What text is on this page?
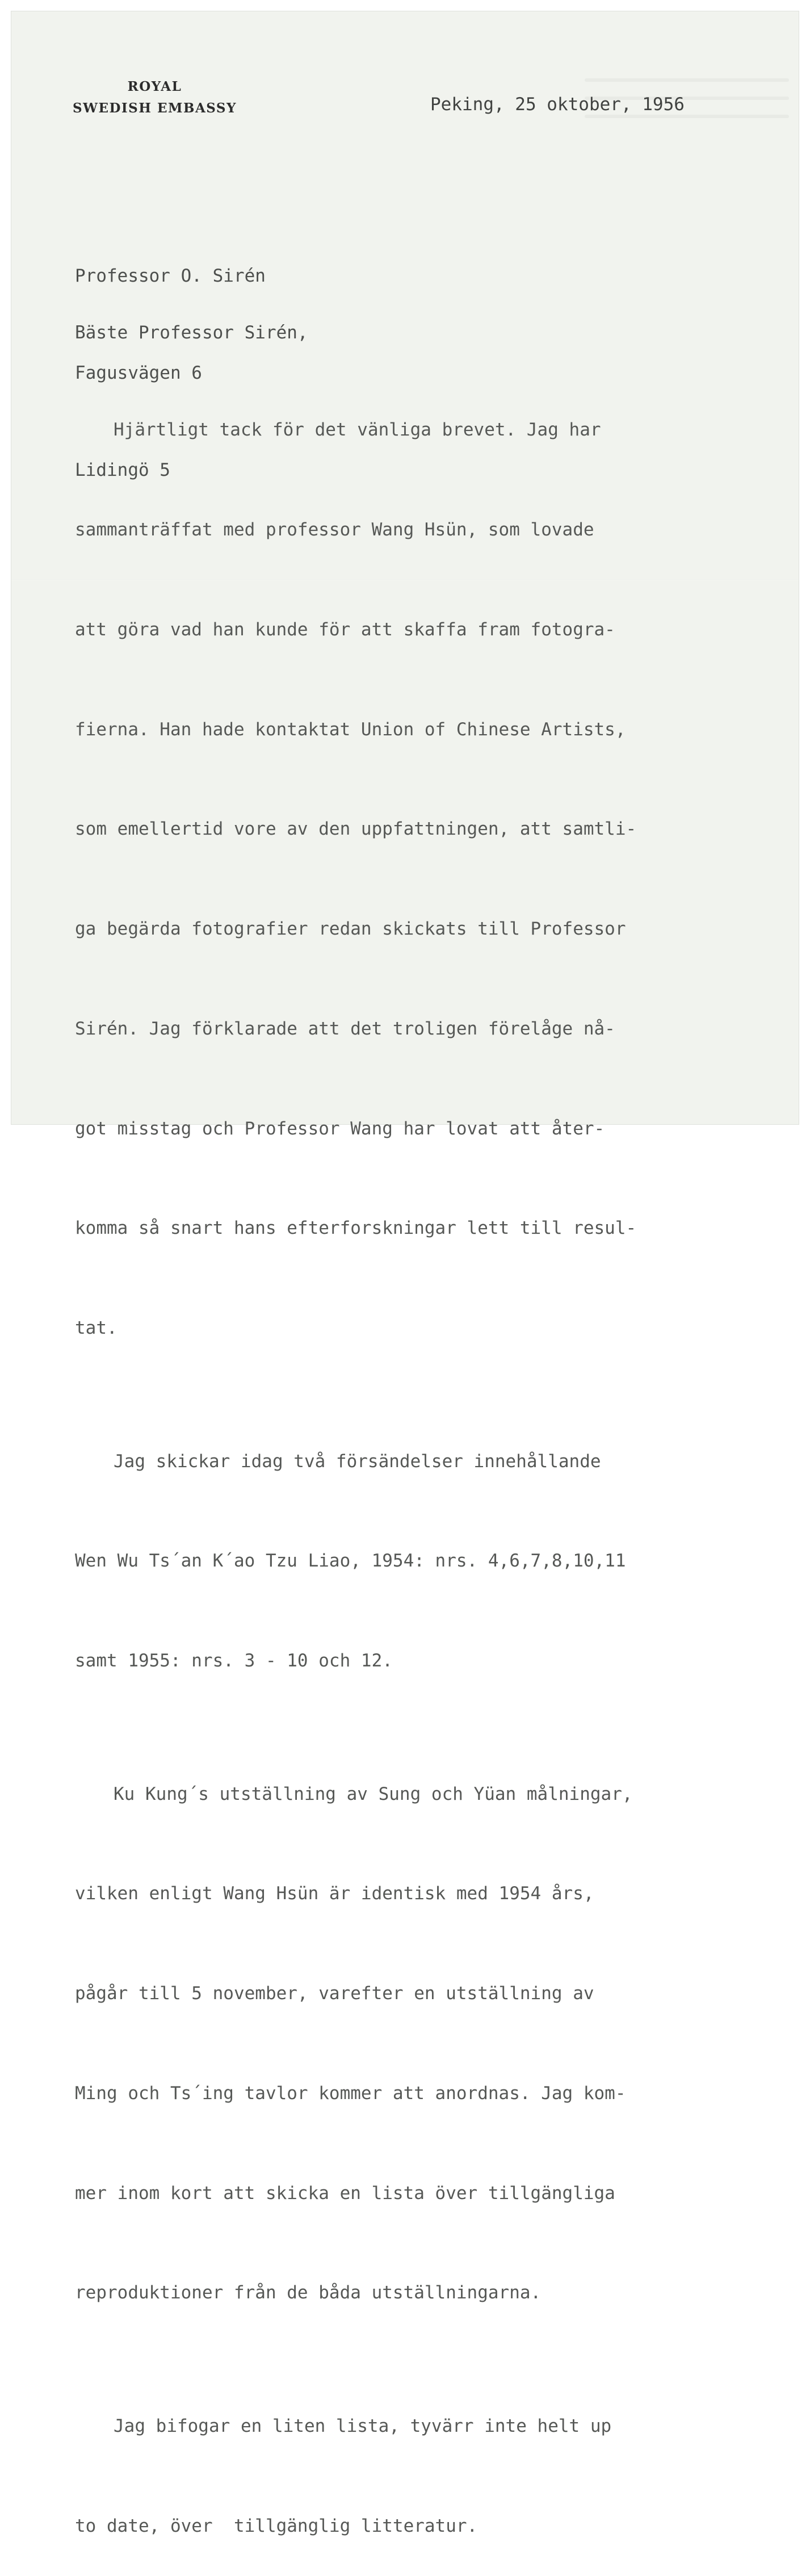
ROYAL
SWEDISH EMBASSY	Peking, 25 oktober, 1956

Professor O. Sirén

Fagusvägen 6

Lidingö 5

Bäste Professor Sirén,

Hjärtligt tack för det vänliga brevet. Jag har

sammanträffat med professor Wang Hsün, som lovade

att göra vad han kunde för att skaffa fram fotogra-

fierna. Han hade kontaktat Union of Chinese Artists,

som emellertid vore av den uppfattningen, att samtli-

ga begärda fotografier redan skickats till Professor

Sirén. Jag förklarade att det troligen förelåge nå-

got misstag och Professor Wang har lovat att åter-

komma så snart hans efterforskningar lett till resul-

tat.

Jag skickar idag två försändelser innehållande

Wen Wu Ts´an K´ao Tzu Liao, 1954: nrs. 4,6,7,8,10,11

samt 1955: nrs. 3 - 10 och 12.

Ku Kung´s utställning av Sung och Yüan målningar,

vilken enligt Wang Hsün är identisk med 1954 års,

pågår till 5 november, varefter en utställning av

Ming och Ts´ing tavlor kommer att anordnas. Jag kom-

mer inom kort att skicka en lista över tillgängliga

reproduktioner från de båda utställningarna.

Jag bifogar en liten lista, tyvärr inte helt up

to date, över  tillgänglig litteratur.
